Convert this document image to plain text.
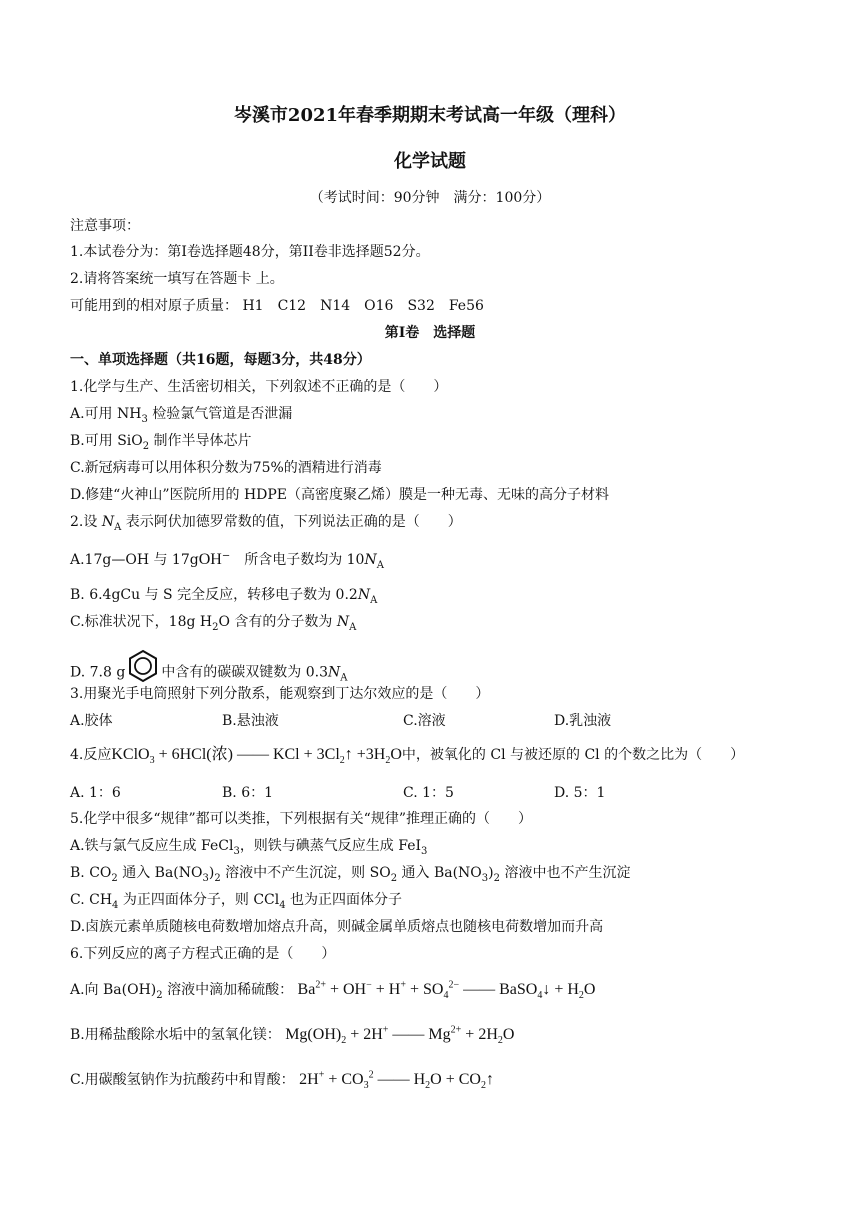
岑溪市2021年春季期期末考试高一年级（理科）
化学试题
（考试时间：90分钟　满分：100分）
注意事项：
1.本试卷分为：第I卷选择题48分，第II卷非选择题52分。
2.请将答案统一填写在答题卡 上。
可能用到的相对原子质量： H1　C12　N14　O16　S32　Fe56
第I卷　选择题
一、单项选择题（共16题，每题3分，共48分）
1.化学与生产、生活密切相关，下列叙述不正确的是（　　）
A.可用 $NH_3$ 检验氯气管道是否泄漏
B.可用 SiO$_2$ 制作半导体芯片
C.新冠病毒可以用体积分数为75%的酒精进行消毒
D.修建“火神山”医院所用的 HDPE（高密度聚乙烯）膜是一种无毒、无味的高分子材料
2.设 $N_A$ 表示阿伏加德罗常数的值，下列说法正确的是（　　）
A.17g—OH 与 17gOH−　所含电子数均为 $10N_A$
B. 6.4gCu 与 S 完全反应，转移电子数为 $0.2N_A$
C.标准状况下，18g $H_2O$ 含有的分子数为 $N_A$
D. 7.8 g	中含有的碳碳双键数为 $0.3N_A$
3.用聚光手电筒照射下列分散系，能观察到丁达尔效应的是（　　）
A.胶体	B.悬浊液	C.溶液	D.乳浊液
4.反应KClO$_3$ + 6HCl(浓) —— KCl + $3Cl_2↑ +3H_2O$中，被氧化的 Cl 与被还原的 Cl 的个数之比为（　　）
A. 1：6	B. 6：1	C. 1：5	D. 5：1
5.化学中很多“规律”都可以类推，下列根据有关“规律”推理正确的（　　）
A.铁与氯气反应生成 FeCl$_3$，则铁与碘蒸气反应生成 FeI$_3$
B. $CO_2$ 通入 $Ba(NO_3)_2$ 溶液中不产生沉淀，则 $SO_2$ 通入 $Ba(NO_3)_2$ 溶液中也不产生沉淀
C. $CH_4$ 为正四面体分子，则 CCl$_4$ 也为正四面体分子
D.卤族元素单质随核电荷数增加熔点升高，则碱金属单质熔点也随核电荷数增加而升高
6.下列反应的离子方程式正确的是（　　）
A.向 $Ba(OH)_2$ 溶液中滴加稀硫酸： $Ba^{2+} + OH^- + H^+ + SO_4^{2-}$ —— BaSO$_4$↓ + $H_2O$
B.用稀盐酸除水垢中的氢氧化镁： $Mg(OH)_2 + 2H^+$ —— $Mg^{2+} + 2H_2O$
C.用碳酸氢钠作为抗酸药中和胃酸： $2H^+ + CO_3^2$ —— $H_2O$ + $CO_2↑$
